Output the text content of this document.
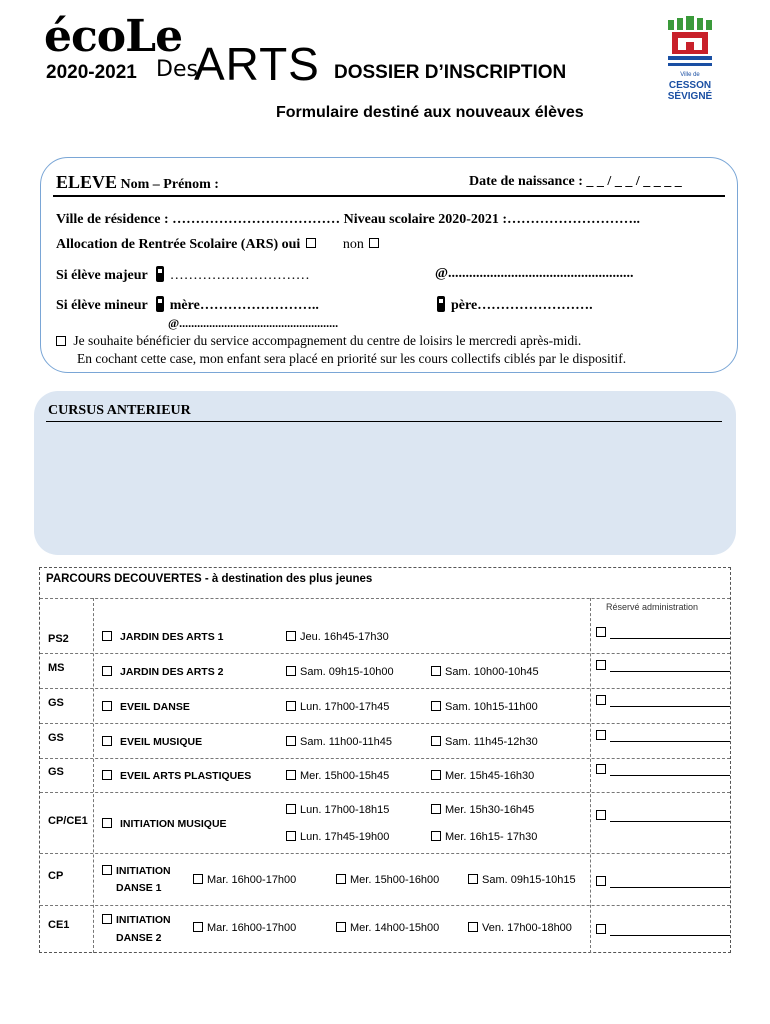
écoLe
Des
ARTS
2020-2021	DOSSIER D’INSCRIPTION
Formulaire destiné aux nouveaux élèves
Ville de
CESSON
SÉVIGNÉ
ELEVE Nom – Prénom :	Date de naissance : _ _ / _ _ / _ _ _ _
Ville de résidence : ……………………………… Niveau scolaire 2020-2021 :………………………..
Allocation de Rentrée Scolaire (ARS) oui	non
Si élève majeur …………………………	@.....................................................
Si élève mineur mère……………………..	père…………………….
@.....................................................
Je souhaite bénéficier du service accompagnement du centre de loisirs le mercredi après-midi.
En cochant cette case, mon enfant sera placé en priorité sur les cours collectifs ciblés par le dispositif.
CURSUS ANTERIEUR
PARCOURS DECOUVERTES - à destination des plus jeunes
Réservé administration
PS2	JARDIN DES ARTS 1	Jeu. 16h45-17h30
MS	JARDIN DES ARTS 2	Sam. 09h15-10h00	Sam. 10h00-10h45
GS	EVEIL DANSE	Lun. 17h00-17h45	Sam. 10h15-11h00
GS	EVEIL MUSIQUE	Sam. 11h00-11h45	Sam. 11h45-12h30
GS	EVEIL ARTS PLASTIQUES	Mer. 15h00-15h45	Mer. 15h45-16h30
CP/CE1	INITIATION MUSIQUE
Lun. 17h00-18h15	Mer. 15h30-16h45
Lun. 17h45-19h00	Mer. 16h15- 17h30
CP	INITIATION
DANSE 1
Mar. 16h00-17h00	Mer. 15h00-16h00	Sam. 09h15-10h15
CE1	INITIATION
DANSE 2
Mar. 16h00-17h00	Mer. 14h00-15h00	Ven. 17h00-18h00
